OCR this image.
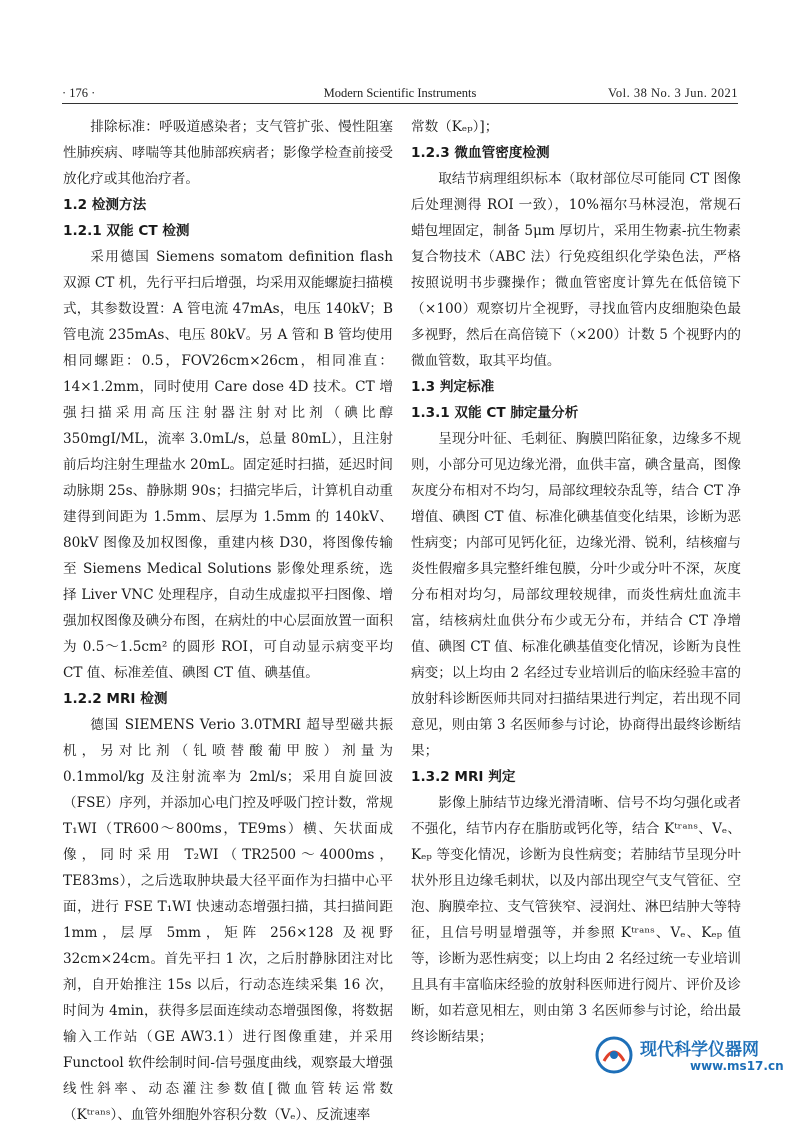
· 176 ·	Modern Scientific Instruments	Vol. 38 No. 3 Jun. 2021

排除标准：呼吸道感染者；支气管扩张、慢性阻塞性肺疾病、哮喘等其他肺部疾病者；影像学检查前接受放化疗或其他治疗者。

1.2 检测方法
1.2.1 双能 CT 检测

采用德国 Siemens somatom definition flash 双源 CT 机，先行平扫后增强，均采用双能螺旋扫描模式，其参数设置：A 管电流 47mAs，电压 140kV；B 管电流 235mAs、电压 80kV。另 A 管和 B 管均使用相同螺距：0.5，FOV26cm×26cm，相同准直：14×1.2mm，同时使用 Care dose 4D 技术。CT 增强扫描采用高压注射器注射对比剂（碘比醇 350mgI/ML，流率 3.0mL/s，总量 80mL），且注射前后均注射生理盐水 20mL。固定延时扫描，延迟时间动脉期 25s、静脉期 90s；扫描完毕后，计算机自动重建得到间距为 1.5mm、层厚为 1.5mm 的 140kV、80kV 图像及加权图像，重建内核 D30，将图像传输至 Siemens Medical Solutions 影像处理系统，选择 Liver VNC 处理程序，自动生成虚拟平扫图像、增强加权图像及碘分布图，在病灶的中心层面放置一面积为 0.5～1.5cm² 的圆形 ROI，可自动显示病变平均 CT 值、标准差值、碘图 CT 值、碘基值。

1.2.2 MRI 检测

德国 SIEMENS Verio 3.0TMRI 超导型磁共振机，另对比剂（钆喷替酸葡甲胺）剂量为 0.1mmol/kg 及注射流率为 2ml/s；采用自旋回波（FSE）序列，并添加心电门控及呼吸门控计数，常规 T₁WI（TR600～800ms，TE9ms）横、矢状面成像，同时采用 T₂WI（TR2500～4000ms，TE83ms），之后选取肿块最大径平面作为扫描中心平面，进行 FSE T₁WI 快速动态增强扫描，其扫描间距 1mm，层厚 5mm，矩阵 256×128 及视野 32cm×24cm。首先平扫 1 次，之后肘静脉团注对比剂，自开始推注 15s 以后，行动态连续采集 16 次，时间为 4min，获得多层面连续动态增强图像，将数据输入工作站（GE AW3.1）进行图像重建，并采用 Functool 软件绘制时间-信号强度曲线，观察最大增强线性斜率、动态灌注参数值[微血管转运常数（Kᵗʳᵃⁿˢ）、血管外细胞外容积分数（Vₑ）、反流速率

常数（Kₑₚ）]；

1.2.3 微血管密度检测

取结节病理组织标本（取材部位尽可能同 CT 图像后处理测得 ROI 一致），10%福尔马林浸泡，常规石蜡包埋固定，制备 5μm 厚切片，采用生物素-抗生物素复合物技术（ABC 法）行免疫组织化学染色法，严格按照说明书步骤操作；微血管密度计算先在低倍镜下（×100）观察切片全视野，寻找血管内皮细胞染色最多视野，然后在高倍镜下（×200）计数 5 个视野内的微血管数，取其平均值。

1.3 判定标准
1.3.1 双能 CT 肺定量分析

呈现分叶征、毛刺征、胸膜凹陷征象，边缘多不规则，小部分可见边缘光滑，血供丰富，碘含量高，图像灰度分布相对不均匀，局部纹理较杂乱等，结合 CT 净增值、碘图 CT 值、标准化碘基值变化结果，诊断为恶性病变；内部可见钙化征，边缘光滑、锐利，结核瘤与炎性假瘤多具完整纤维包膜，分叶少或分叶不深，灰度分布相对均匀，局部纹理较规律，而炎性病灶血流丰富，结核病灶血供分布少或无分布，并结合 CT 净增值、碘图 CT 值、标准化碘基值变化情况，诊断为良性病变；以上均由 2 名经过专业培训后的临床经验丰富的放射科诊断医师共同对扫描结果进行判定，若出现不同意见，则由第 3 名医师参与讨论，协商得出最终诊断结果；

1.3.2 MRI 判定

影像上肺结节边缘光滑清晰、信号不均匀强化或者不强化，结节内存在脂肪或钙化等，结合 Kᵗʳᵃⁿˢ、Vₑ、Kₑₚ 等变化情况，诊断为良性病变；若肺结节呈现分叶状外形且边缘毛刺状，以及内部出现空气支气管征、空泡、胸膜牵拉、支气管狭窄、浸润灶、淋巴结肿大等特征，且信号明显增强等，并参照 Kᵗʳᵃⁿˢ、Vₑ、Kₑₚ 值等，诊断为恶性病变；以上均由 2 名经过统一专业培训且具有丰富临床经验的放射科医师进行阅片、评价及诊断，如若意见相左，则由第 3 名医师参与讨论，给出最终诊断结果；

现代科学仪器网
www.ms17.cn
